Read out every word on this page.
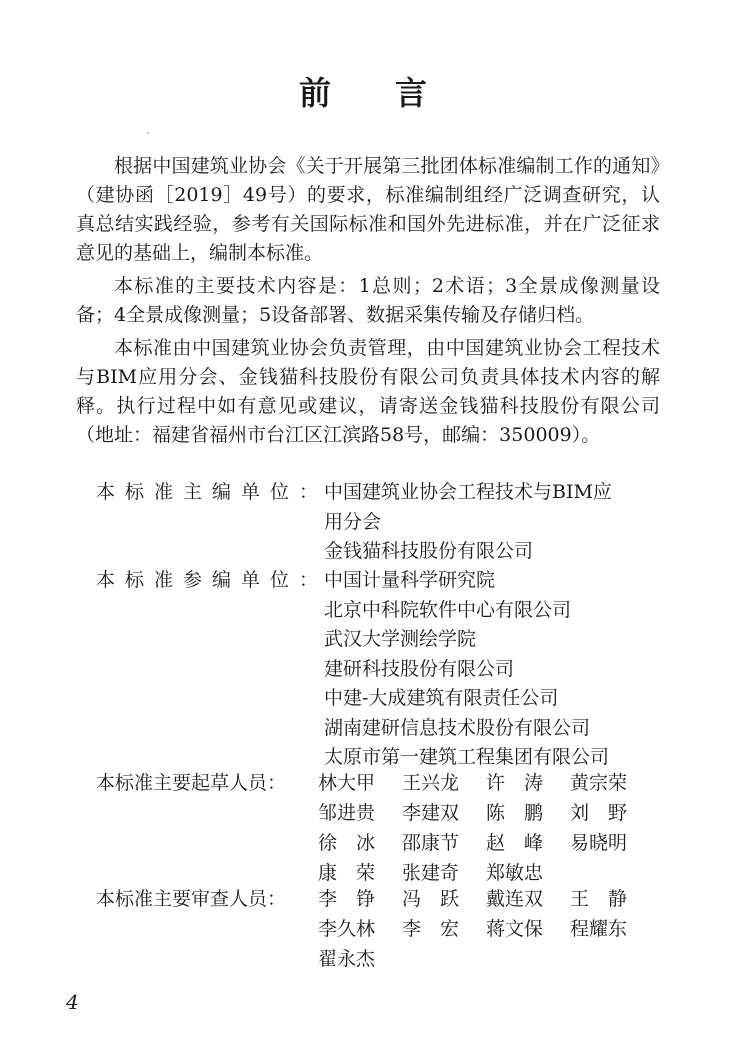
前 言

根据中国建筑业协会《关于开展第三批团体标准编制工作的通知》（建协函［2019］49号）的要求，标准编制组经广泛调查研究，认真总结实践经验，参考有关国际标准和国外先进标准，并在广泛征求意见的基础上，编制本标准。

本标准的主要技术内容是：1总则；2术语；3全景成像测量设备；4全景成像测量；5设备部署、数据采集传输及存储归档。

本标准由中国建筑业协会负责管理，由中国建筑业协会工程技术与BIM应用分会、金钱猫科技股份有限公司负责具体技术内容的解释。执行过程中如有意见或建议，请寄送金钱猫科技股份有限公司（地址：福建省福州市台江区江滨路58号，邮编：350009）。

本标准主编单位： 中国建筑业协会工程技术与BIM应
用分会
金钱猫科技股份有限公司
本标准参编单位： 中国计量科学研究院
北京中科院软件中心有限公司
武汉大学测绘学院
建研科技股份有限公司
中建-大成建筑有限责任公司
湖南建研信息技术股份有限公司
太原市第一建筑工程集团有限公司
本标准主要起草人员：	林大甲	王兴龙	许　涛	黄宗荣
邹进贵	李建双	陈　鹏	刘　野
徐　冰	邵康节	赵　峰	易晓明
康　荣	张建奇	郑敏忠
本标准主要审查人员：	李　铮	冯　跃	戴连双	王　静
李久林	李　宏	蒋文保	程耀东
翟永杰
4
